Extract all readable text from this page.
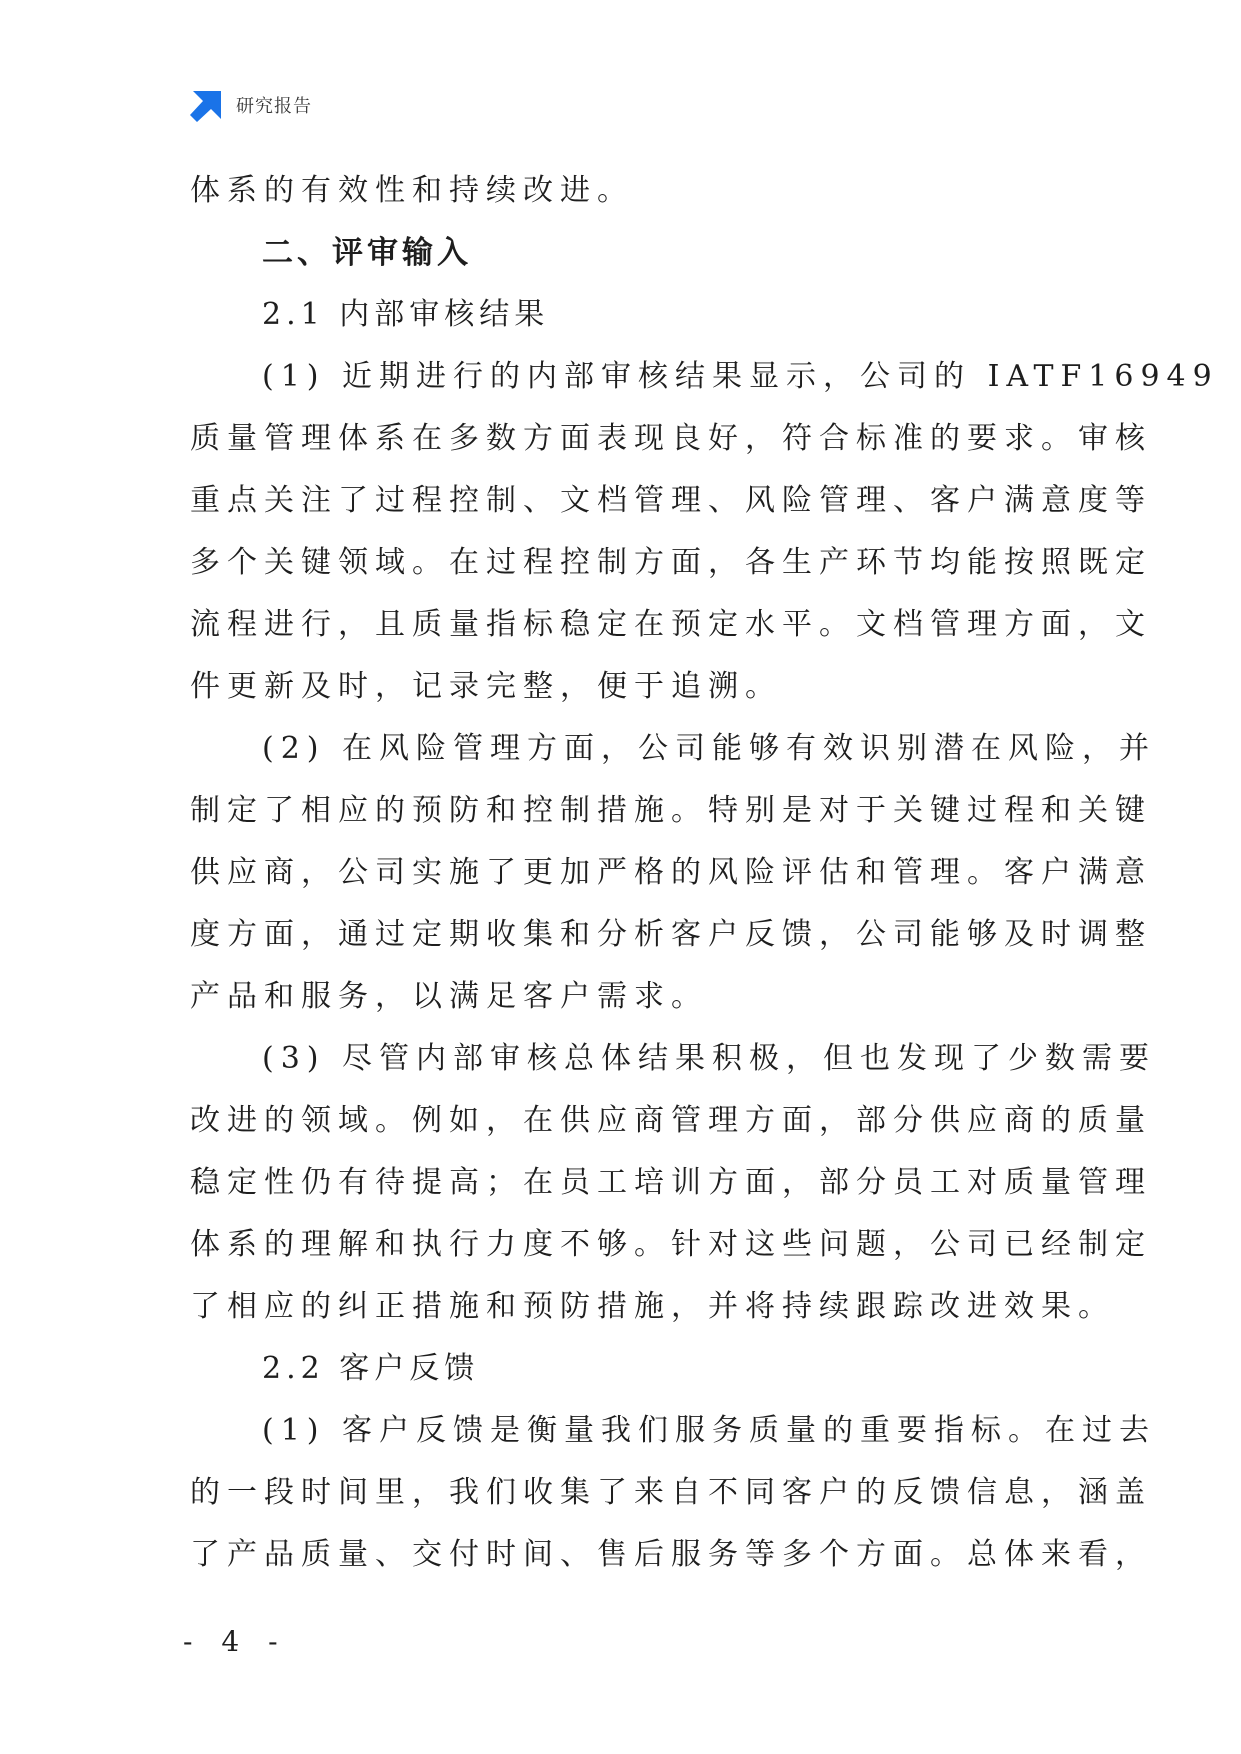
研究报告
体系的有效性和持续改进。
二、评审输入
2.1 内部审核结果
(1) 近期进行的内部审核结果显示，公司的 IATF16949
质量管理体系在多数方面表现良好，符合标准的要求。审核
重点关注了过程控制、文档管理、风险管理、客户满意度等
多个关键领域。在过程控制方面，各生产环节均能按照既定
流程进行，且质量指标稳定在预定水平。文档管理方面，文
件更新及时，记录完整，便于追溯。
(2) 在风险管理方面，公司能够有效识别潜在风险，并
制定了相应的预防和控制措施。特别是对于关键过程和关键
供应商，公司实施了更加严格的风险评估和管理。客户满意
度方面，通过定期收集和分析客户反馈，公司能够及时调整
产品和服务，以满足客户需求。
(3) 尽管内部审核总体结果积极，但也发现了少数需要
改进的领域。例如，在供应商管理方面，部分供应商的质量
稳定性仍有待提高；在员工培训方面，部分员工对质量管理
体系的理解和执行力度不够。针对这些问题，公司已经制定
了相应的纠正措施和预防措施，并将持续跟踪改进效果。
2.2 客户反馈
(1) 客户反馈是衡量我们服务质量的重要指标。在过去
的一段时间里，我们收集了来自不同客户的反馈信息，涵盖
了产品质量、交付时间、售后服务等多个方面。总体来看，
- 4 -
